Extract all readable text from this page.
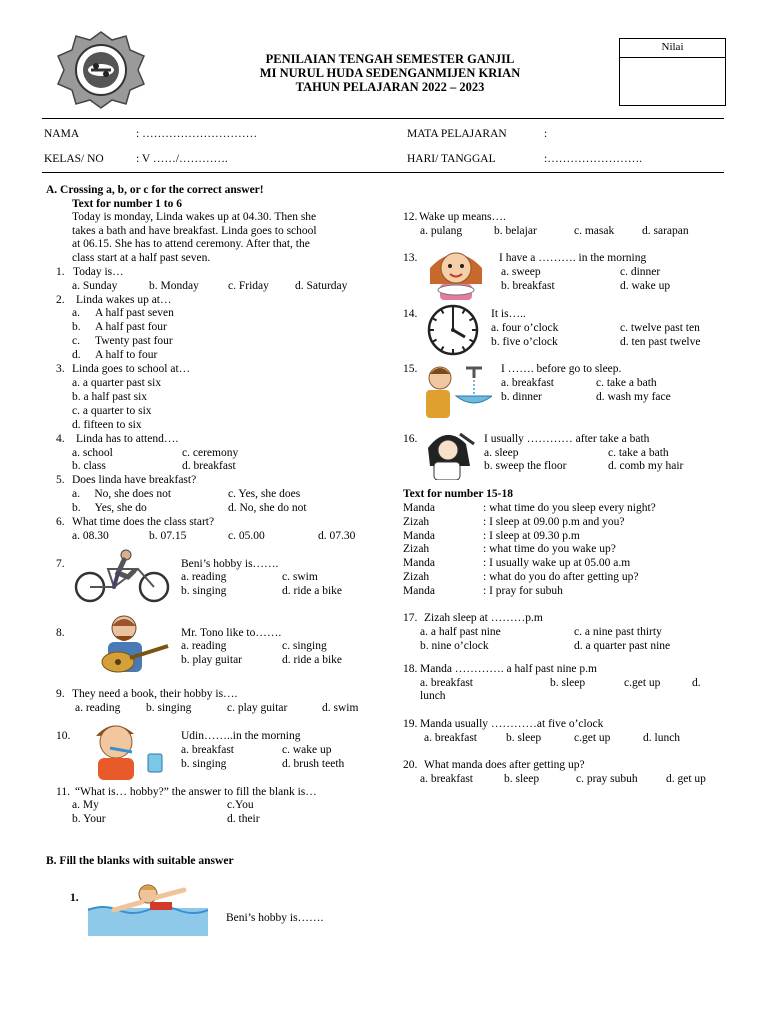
PENILAIAN TENGAH SEMESTER GANJIL
MI NURUL HUDA SEDENGANMIJEN KRIAN
TAHUN PELAJARAN 2022 – 2023
Nilai
NAMA	: …………………………	MATA PELAJARAN	:
KELAS/ NO	: V ……/………….	HARI/ TANGGAL	:…………………….
A. Crossing a, b, or c for the correct answer!
Text for number 1 to 6
Today is monday, Linda wakes up at 04.30. Then she
takes a bath and have breakfast. Linda goes to school
at 06.15. She has to attend ceremony. After that, the
class start at a half past seven.
1. Today is…
a. Sunday	b. Monday	c. Friday d. Saturday
2. Linda wakes up at…
a. A half past seven
b. A half past four
c. Twenty past four
d. A half to four
3. Linda goes to school at…
a. a quarter past six
b. a half past six
c. a quarter to six
d. fifteen to six
4. Linda has to attend….
a. school	c. ceremony
b. class	d. breakfast
5. Does linda have breakfast?
a.     No, she does not	c. Yes, she does
b.     Yes, she do	d. No, she do not
6. What time does the class start?
a. 08.30	b. 07.15	c. 05.00	d. 07.30
7.	Beni’s hobby is…….
a. reading	c. swim
b. singing	d. ride a bike
8.	Mr. Tono like to…….
a. reading	c. singing
b. play guitar	d. ride a bike
9. They need a book, their hobby is….
a. reading b. singing	c. play guitar	d. swim
10.	Udin……..in the morning
a. breakfast	c. wake up
b. singing	d. brush teeth
11. “What is… hobby?” the answer to fill the blank is…
a. My	c.You
b. Your	d. their
B. Fill the blanks with suitable answer
1.
Beni’s hobby is…….
12. Wake up means….
a. pulang	b. belajar	c. masak d. sarapan
13.	I have a ………. in the morning
a. sweep	c. dinner
b. breakfast	d. wake up
14.	It is…..
a. four o’clock	c. twelve past ten
b. five o’clock	d. ten past twelve
15.	I ……. before go to sleep.
a. breakfast	c. take a bath
b. dinner	d. wash my face
16.	I usually ………… after take a bath
a. sleep	c. take a bath
b. sweep the floor	d. comb my hair
Text for number 15-18
Manda	: what time do you sleep every night?
Zizah	: I sleep at 09.00 p.m and you?
Manda	: I sleep at 09.30 p.m
Zizah	: what time do you wake up?
Manda	: I usually wake up at 05.00 a.m
Zizah	: what do you do after getting up?
Manda	: I pray for subuh
17. Zizah sleep at ………p.m
a. a half past nine	c. a nine past thirty
b. nine o’clock	d. a quarter past nine
18. Manda …………. a half past nine p.m
a. breakfast	b. sleep	c.get up	d.
lunch
19. Manda usually …………at five o’clock
a. breakfast	b. sleep	c.get up	d. lunch
20. What manda does after getting up?
a. breakfast	b. sleep	c. pray subuh d. get up
